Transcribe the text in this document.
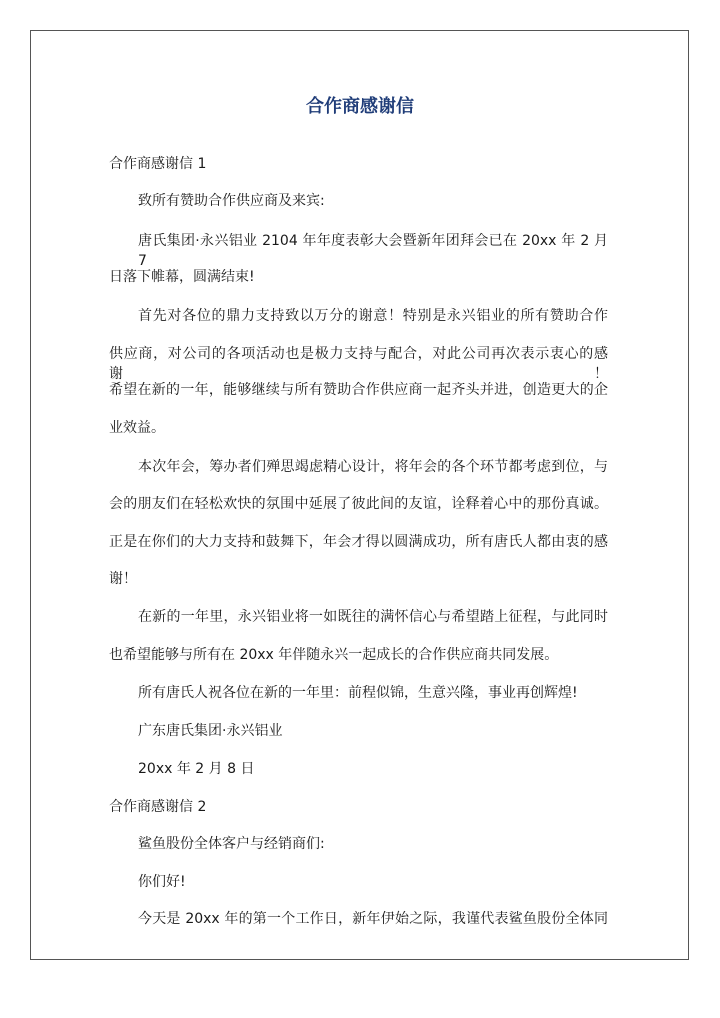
合作商感谢信
合作商感谢信 1
致所有赞助合作供应商及来宾:
唐氏集团·永兴铝业 2104 年年度表彰大会暨新年团拜会已在 20xx 年 2 月 7
日落下帷幕，圆满结束!
首先对各位的鼎力支持致以万分的谢意！特别是永兴铝业的所有赞助合作
供应商，对公司的各项活动也是极力支持与配合，对此公司再次表示衷心的感谢！
希望在新的一年，能够继续与所有赞助合作供应商一起齐头并进，创造更大的企
业效益。
本次年会，筹办者们殚思竭虑精心设计，将年会的各个环节都考虑到位，与
会的朋友们在轻松欢快的氛围中延展了彼此间的友谊，诠释着心中的那份真诚。
正是在你们的大力支持和鼓舞下，年会才得以圆满成功，所有唐氏人都由衷的感
谢！
在新的一年里，永兴铝业将一如既往的满怀信心与希望踏上征程，与此同时
也希望能够与所有在 20xx 年伴随永兴一起成长的合作供应商共同发展。
所有唐氏人祝各位在新的一年里：前程似锦，生意兴隆，事业再创辉煌!
广东唐氏集团·永兴铝业
20xx 年 2 月 8 日
合作商感谢信 2
鲨鱼股份全体客户与经销商们:
你们好!
今天是 20xx 年的第一个工作日，新年伊始之际，我谨代表鲨鱼股份全体同
